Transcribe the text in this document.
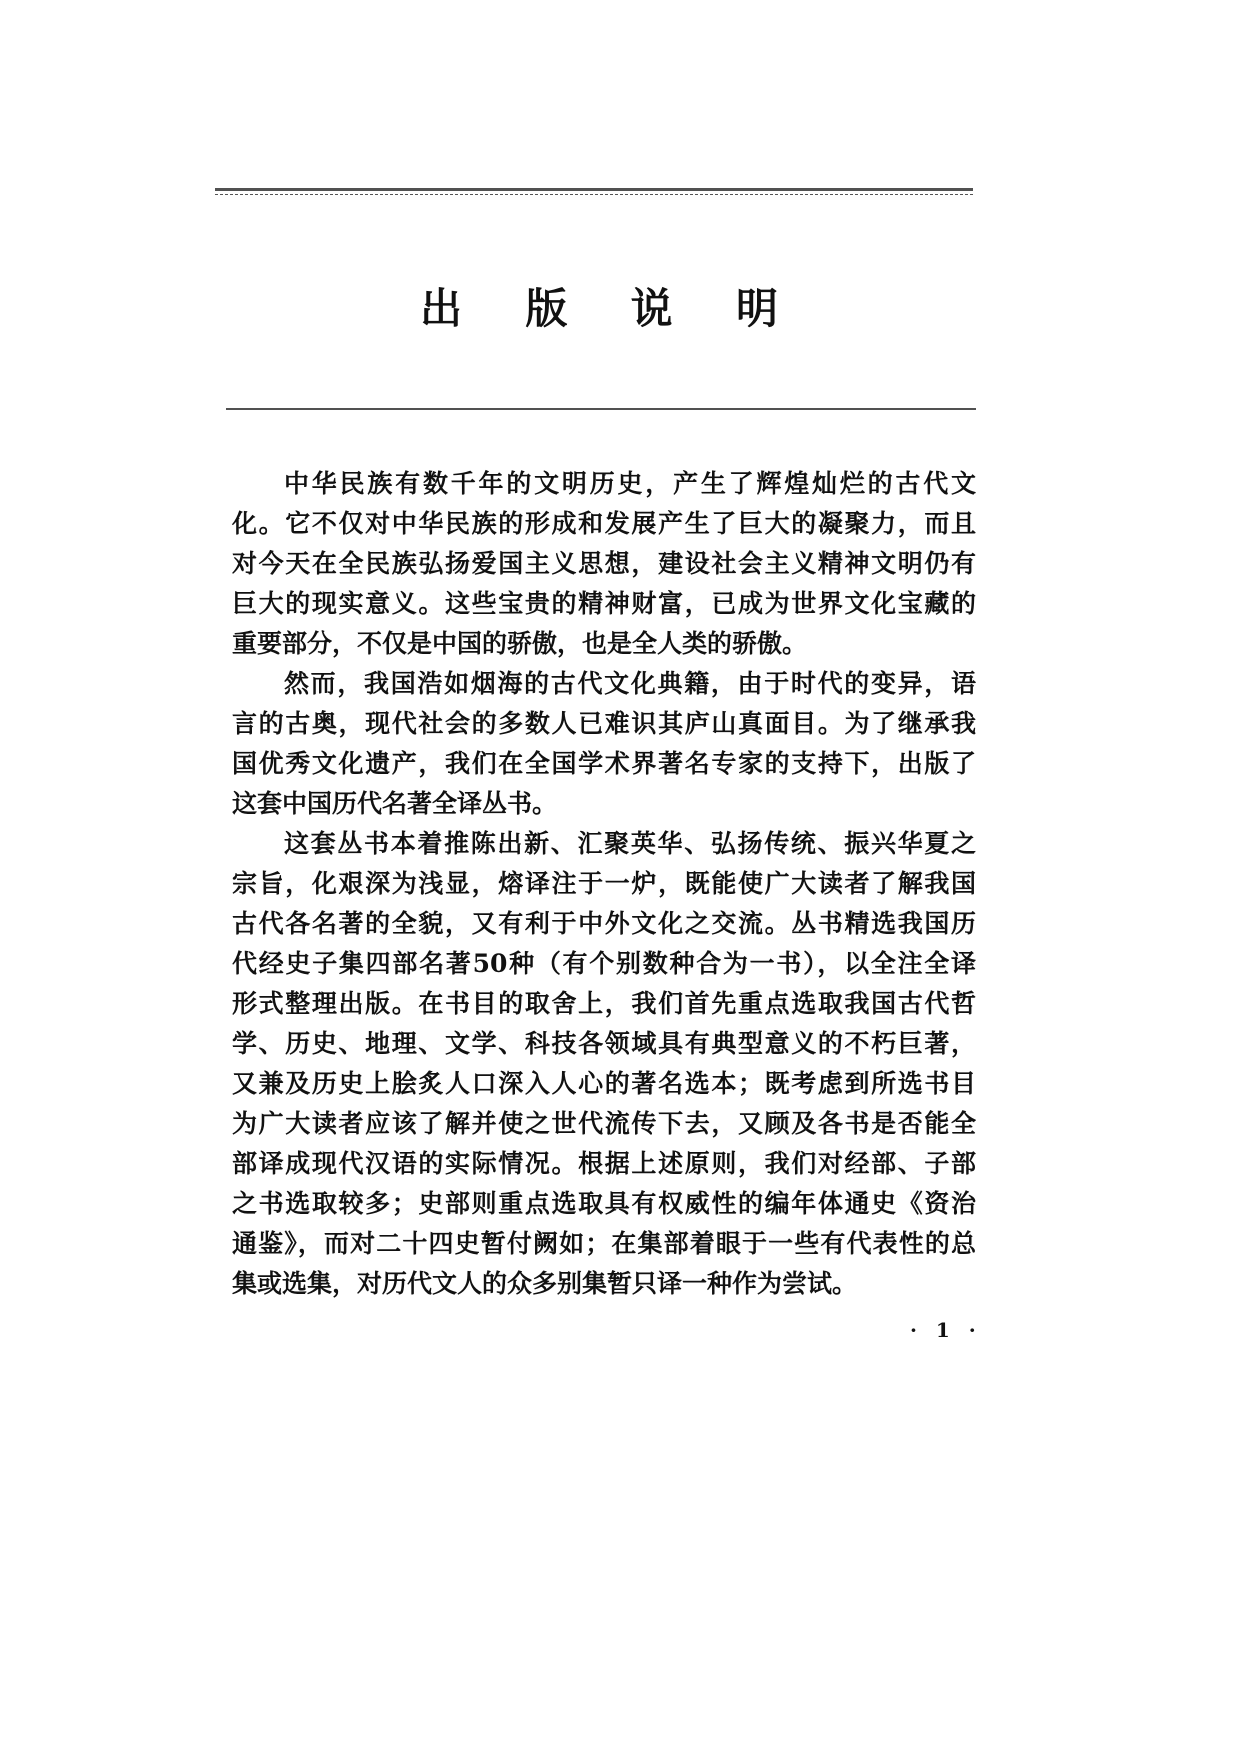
出版说明
中华民族有数千年的文明历史，产生了辉煌灿烂的古代文
化。它不仅对中华民族的形成和发展产生了巨大的凝聚力，而且
对今天在全民族弘扬爱国主义思想，建设社会主义精神文明仍有
巨大的现实意义。这些宝贵的精神财富，已成为世界文化宝藏的
重要部分，不仅是中国的骄傲，也是全人类的骄傲。
然而，我国浩如烟海的古代文化典籍，由于时代的变异，语
言的古奥，现代社会的多数人已难识其庐山真面目。为了继承我
国优秀文化遗产，我们在全国学术界著名专家的支持下，出版了
这套中国历代名著全译丛书。
这套丛书本着推陈出新、汇聚英华、弘扬传统、振兴华夏之
宗旨，化艰深为浅显，熔译注于一炉，既能使广大读者了解我国
古代各名著的全貌，又有利于中外文化之交流。丛书精选我国历
代经史子集四部名著50种（有个别数种合为一书），以全注全译
形式整理出版。在书目的取舍上，我们首先重点选取我国古代哲
学、历史、地理、文学、科技各领域具有典型意义的不朽巨著，
又兼及历史上脍炙人口深入人心的著名选本；既考虑到所选书目
为广大读者应该了解并使之世代流传下去，又顾及各书是否能全
部译成现代汉语的实际情况。根据上述原则，我们对经部、子部
之书选取较多；史部则重点选取具有权威性的编年体通史《资治
通鉴》，而对二十四史暂付阙如；在集部着眼于一些有代表性的总
集或选集，对历代文人的众多别集暂只译一种作为尝试。
· 1 ·
